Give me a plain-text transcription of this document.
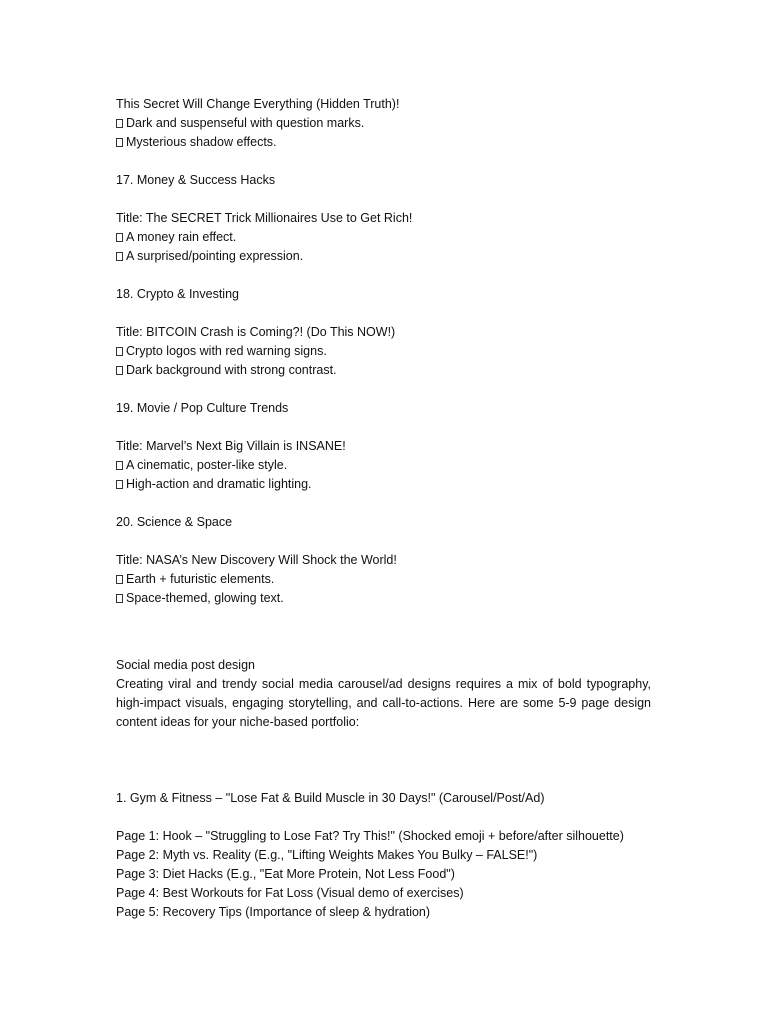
This Secret Will Change Everything (Hidden Truth)!
Dark and suspenseful with question marks.
Mysterious shadow effects.
17. Money & Success Hacks
Title: The SECRET Trick Millionaires Use to Get Rich!
A money rain effect.
A surprised/pointing expression.
18. Crypto & Investing
Title: BITCOIN Crash is Coming?! (Do This NOW!)
Crypto logos with red warning signs.
Dark background with strong contrast.
19. Movie / Pop Culture Trends
Title: Marvel’s Next Big Villain is INSANE!
A cinematic, poster-like style.
High-action and dramatic lighting.
20. Science & Space
Title: NASA’s New Discovery Will Shock the World!
Earth + futuristic elements.
Space-themed, glowing text.
Social media post design
Creating viral and trendy social media carousel/ad designs requires a mix of bold typography, high-impact visuals, engaging storytelling, and call-to-actions. Here are some 5-9 page design content ideas for your niche-based portfolio:
1. Gym & Fitness – "Lose Fat & Build Muscle in 30 Days!" (Carousel/Post/Ad)
Page 1: Hook – "Struggling to Lose Fat? Try This!" (Shocked emoji + before/after silhouette)
Page 2: Myth vs. Reality (E.g., "Lifting Weights Makes You Bulky – FALSE!")
Page 3: Diet Hacks (E.g., "Eat More Protein, Not Less Food")
Page 4: Best Workouts for Fat Loss (Visual demo of exercises)
Page 5: Recovery Tips (Importance of sleep & hydration)
